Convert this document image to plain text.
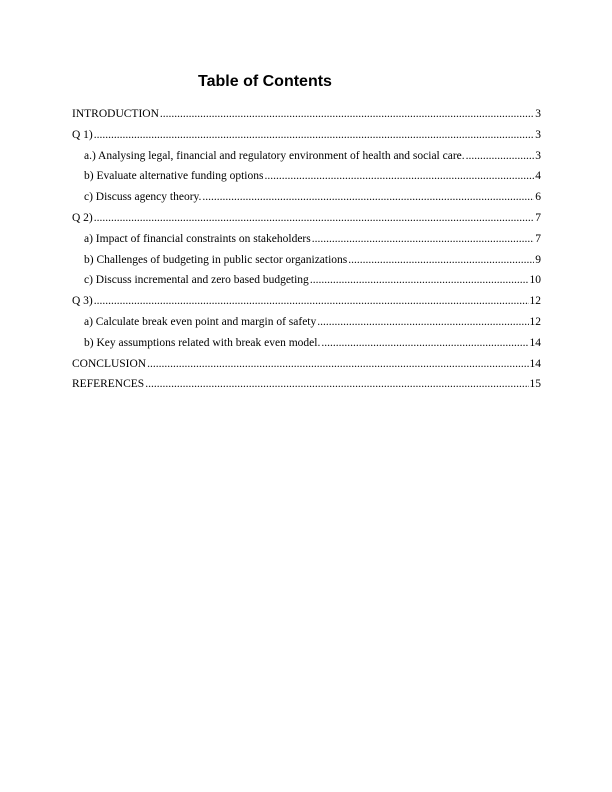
Table of Contents
INTRODUCTION .....	3
Q 1) .....	3
a.) Analysing legal, financial and regulatory environment of health and social care. .....	3
b) Evaluate alternative funding options .....	4
c) Discuss agency theory. .....	6
Q 2) .....	7
a) Impact of financial constraints on stakeholders .....	7
b) Challenges of budgeting in public sector organizations .....	9
c) Discuss incremental and zero based budgeting .....	10
Q 3) .....	12
a) Calculate break even point and margin of safety .....	12
b) Key assumptions related with break even model. .....	14
CONCLUSION .....	14
REFERENCES .....	15
